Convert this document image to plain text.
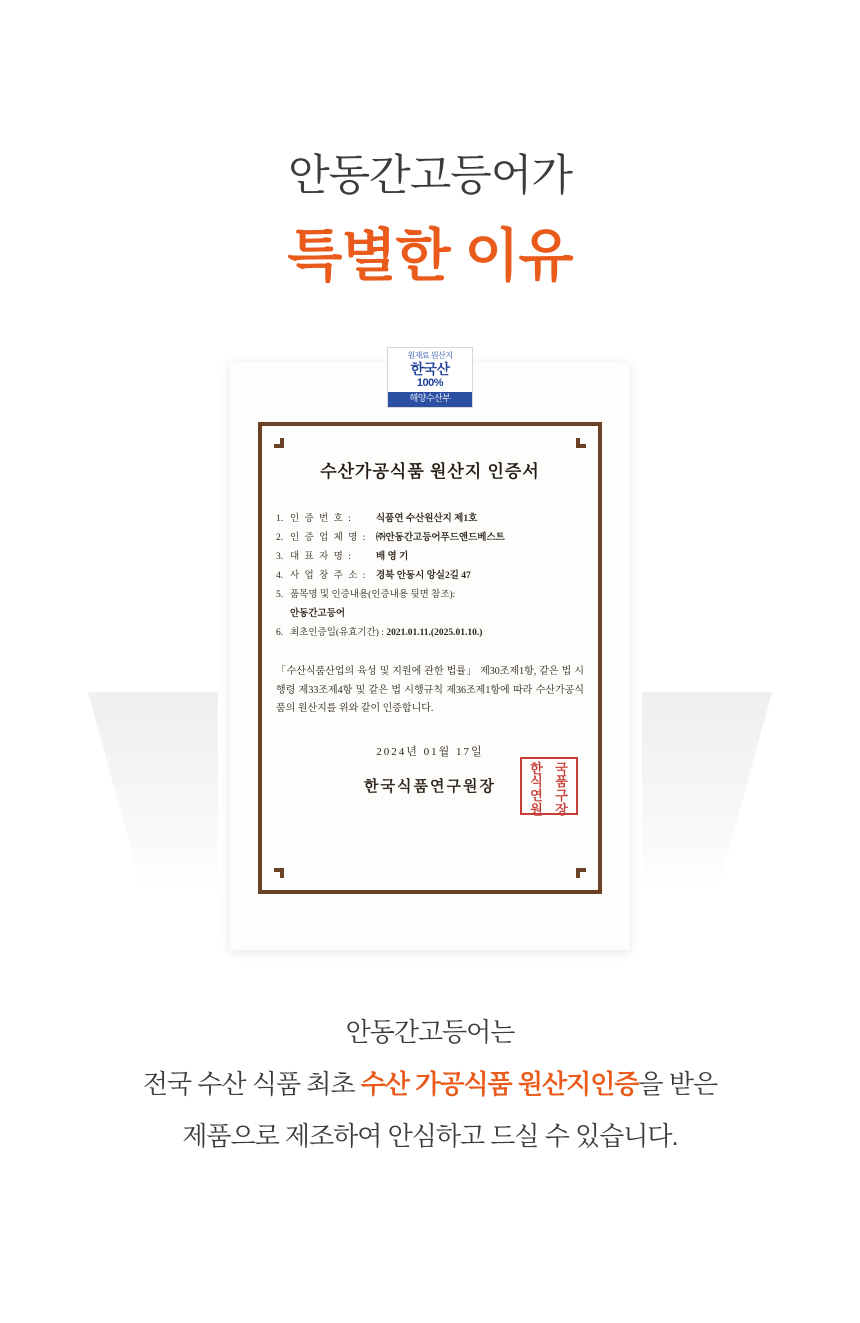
안동간고등어가
특별한 이유
원재료 원산지
한국산
100%
해양수산부
수산가공식품 원산지 인증서
1. 인 증 번 호 : 식품연 수산원산지 제1호
2. 인 증 업 체 명 : ㈜안동간고등어푸드앤드베스트
3. 대 표 자 명 : 배 영 기
4. 사 업 장 주 소 : 경북 안동시 앙실2길 47
5. 품목명 및 인증내용(인증내용 뒷면 참조):
안동간고등어
6. 최초인증일(유효기간) : 2021.01.11.(2025.01.10.)
「수산식품산업의 육성 및 지원에 관한 법률」 제30조제1항, 같은 법 시행령 제33조제4항 및 같은 법 시행규칙 제36조제1항에 따라 수산가공식품의 원산지를 위와 같이 인증합니다.
2024년 01월 17일
한국식품연구원장
한 국
식 품
연 구
원 장
안동간고등어는
전국 수산 식품 최초 수산 가공식품 원산지인증을 받은
제품으로 제조하여 안심하고 드실 수 있습니다.
